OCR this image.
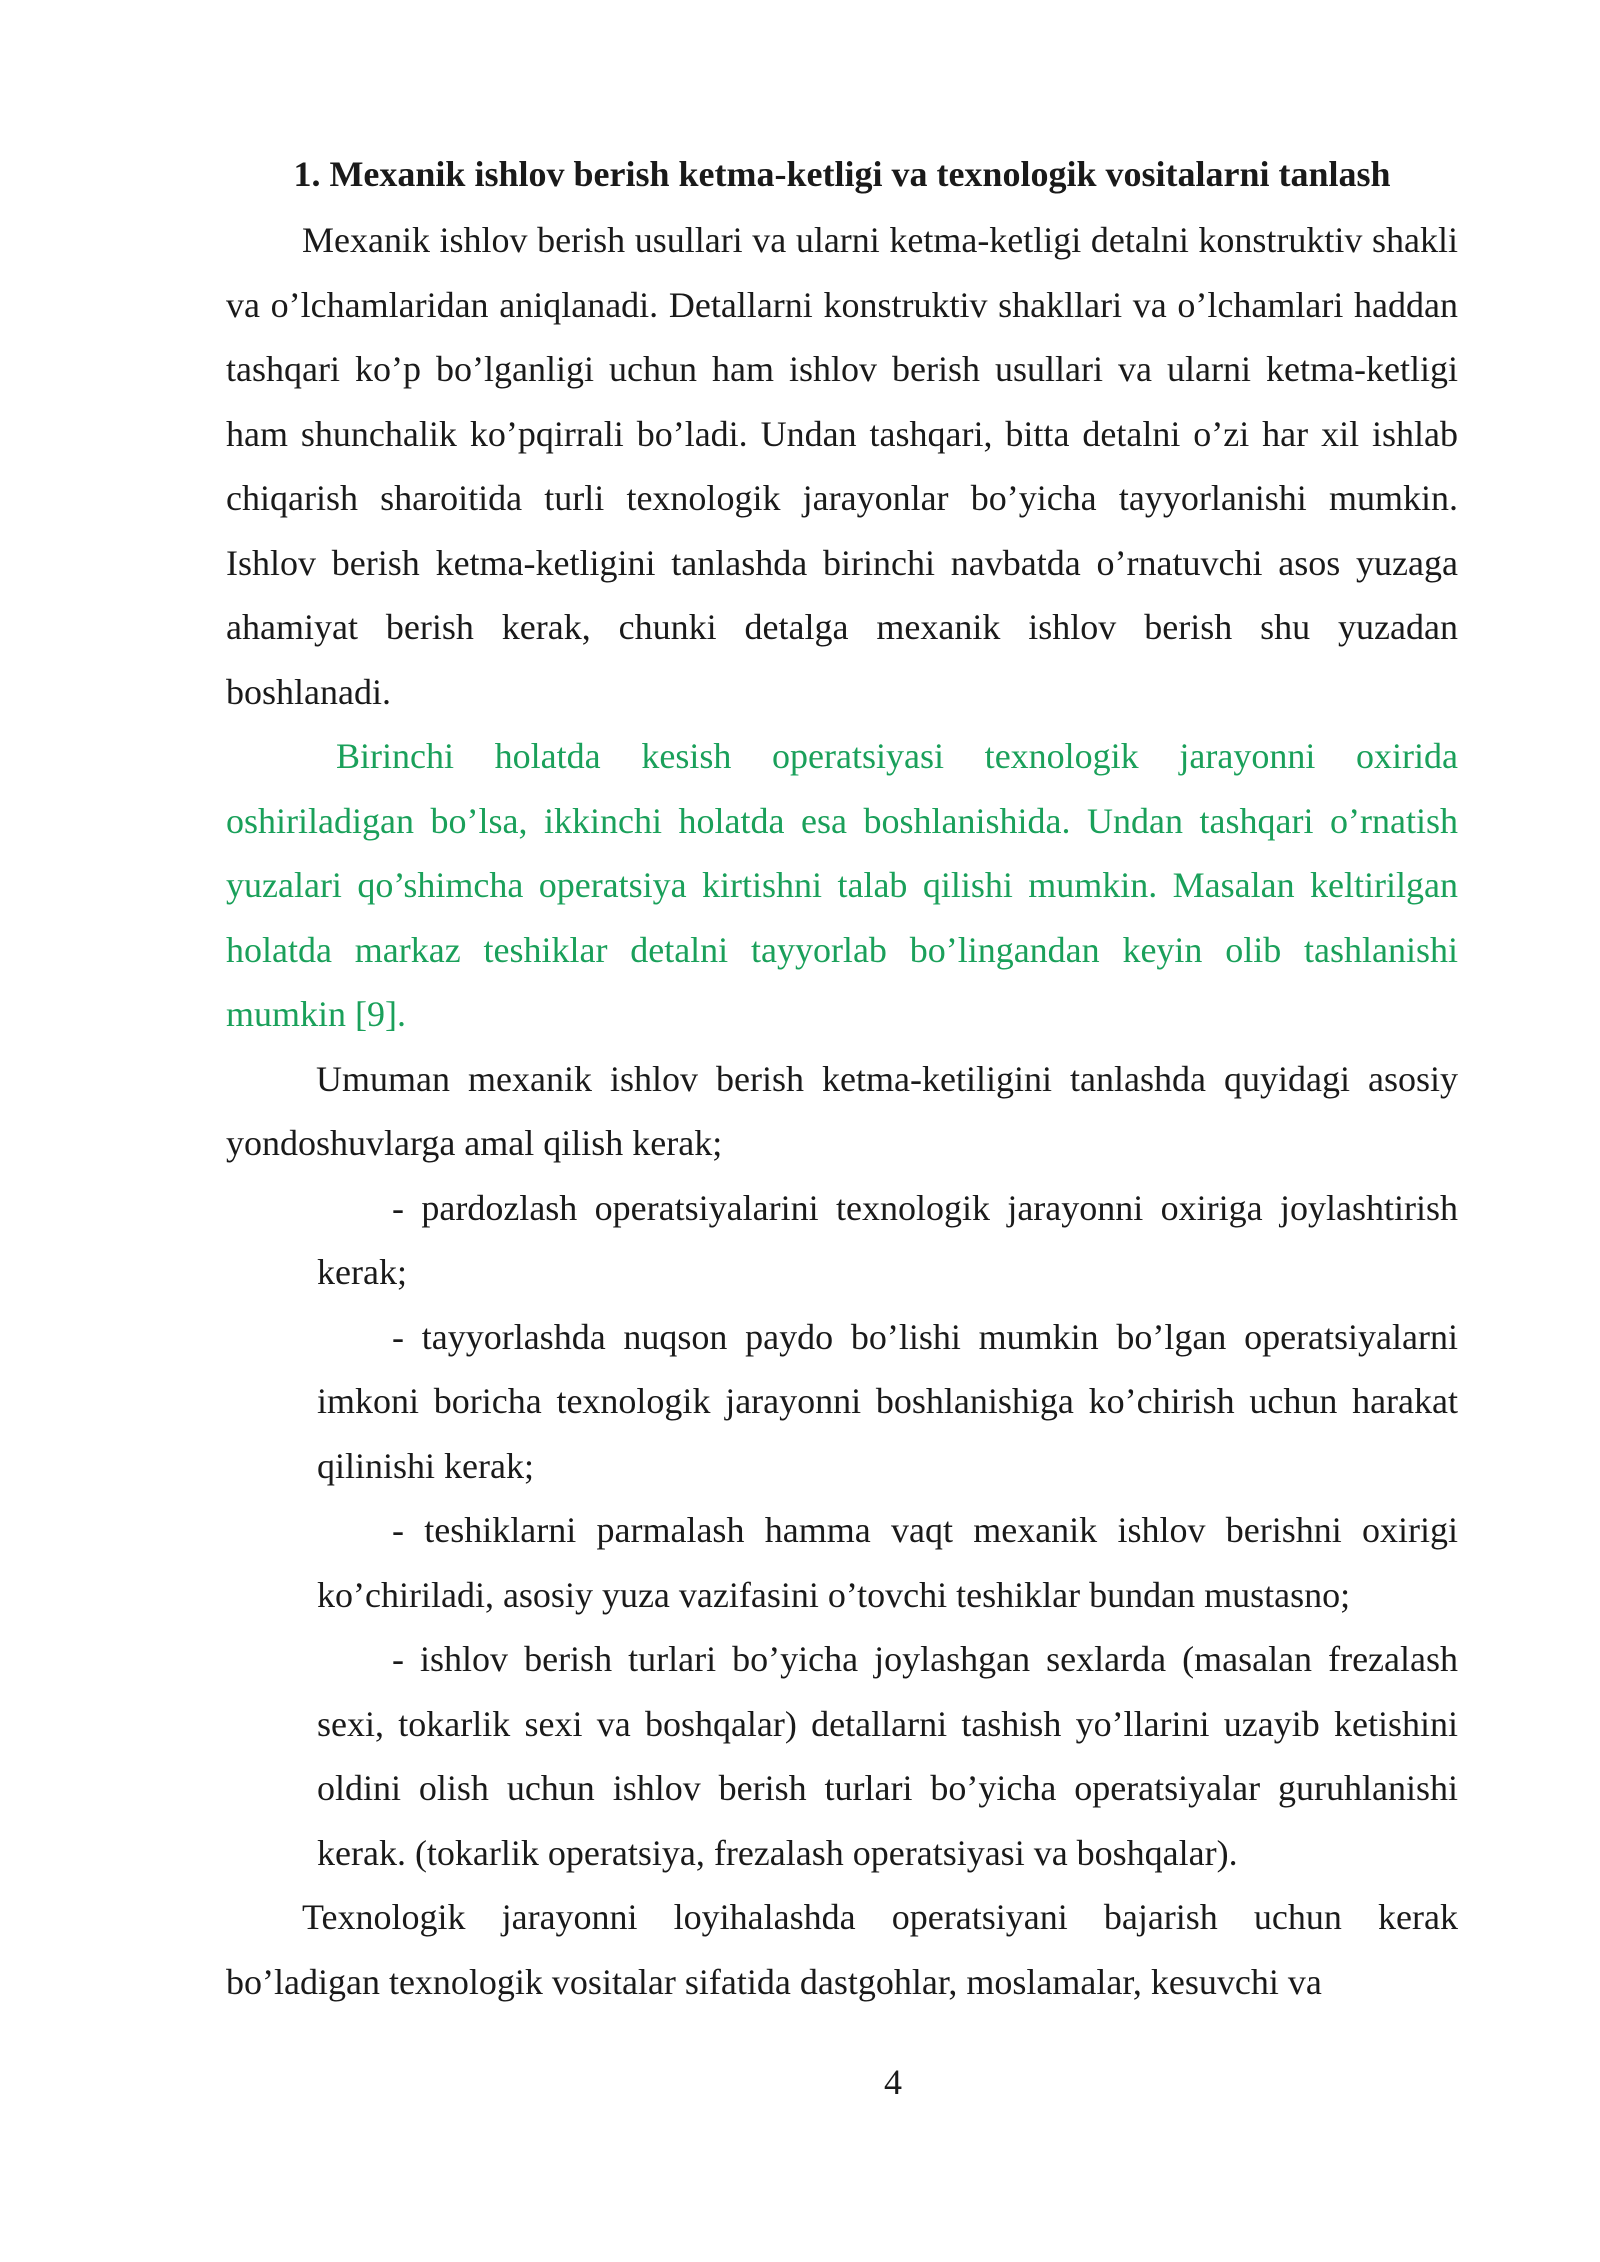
1. Mexanik ishlov berish ketma-ketligi va texnologik vositalarni tanlash

Mexanik ishlov berish usullari va ularni ketma-ketligi detalni konstruktiv shakli va o’lchamlaridan aniqlanadi. Detallarni konstruktiv shakllari va o’lchamlari haddan tashqari ko’p bo’lganligi uchun ham ishlov berish usullari va ularni ketma-ketligi ham shunchalik ko’pqirrali bo’ladi. Undan tashqari, bitta detalni o’zi har xil ishlab chiqarish sharoitida turli texnologik jarayonlar bo’yicha tayyorlanishi mumkin. Ishlov berish ketma-ketligini tanlashda birinchi navbatda o’rnatuvchi asos yuzaga ahamiyat berish kerak, chunki detalga mexanik ishlov berish shu yuzadan boshlanadi.

Birinchi holatda kesish operatsiyasi texnologik jarayonni oxirida oshiriladigan bo’lsa, ikkinchi holatda esa boshlanishida. Undan tashqari o’rnatish yuzalari qo’shimcha operatsiya kirtishni talab qilishi mumkin. Masalan keltirilgan holatda markaz teshiklar detalni tayyorlab bo’lingandan keyin olib tashlanishi mumkin [9].

Umuman mexanik ishlov berish ketma-ketiligini tanlashda quyidagi asosiy yondoshuvlarga amal qilish kerak;

- pardozlash operatsiyalarini texnologik jarayonni oxiriga joylashtirish kerak;
- tayyorlashda nuqson paydo bo’lishi mumkin bo’lgan operatsiyalarni imkoni boricha texnologik jarayonni boshlanishiga ko’chirish uchun harakat qilinishi kerak;
- teshiklarni parmalash hamma vaqt mexanik ishlov berishni oxirigi ko’chiriladi, asosiy yuza vazifasini o’tovchi teshiklar bundan mustasno;
- ishlov berish turlari bo’yicha joylashgan sexlarda (masalan frezalash sexi, tokarlik sexi va boshqalar) detallarni tashish yo’llarini uzayib ketishini oldini olish uchun ishlov berish turlari bo’yicha operatsiyalar guruhlanishi kerak. (tokarlik operatsiya, frezalash operatsiyasi va boshqalar).

Texnologik jarayonni loyihalashda operatsiyani bajarish uchun kerak bo’ladigan texnologik vositalar sifatida dastgohlar, moslamalar, kesuvchi va

4
